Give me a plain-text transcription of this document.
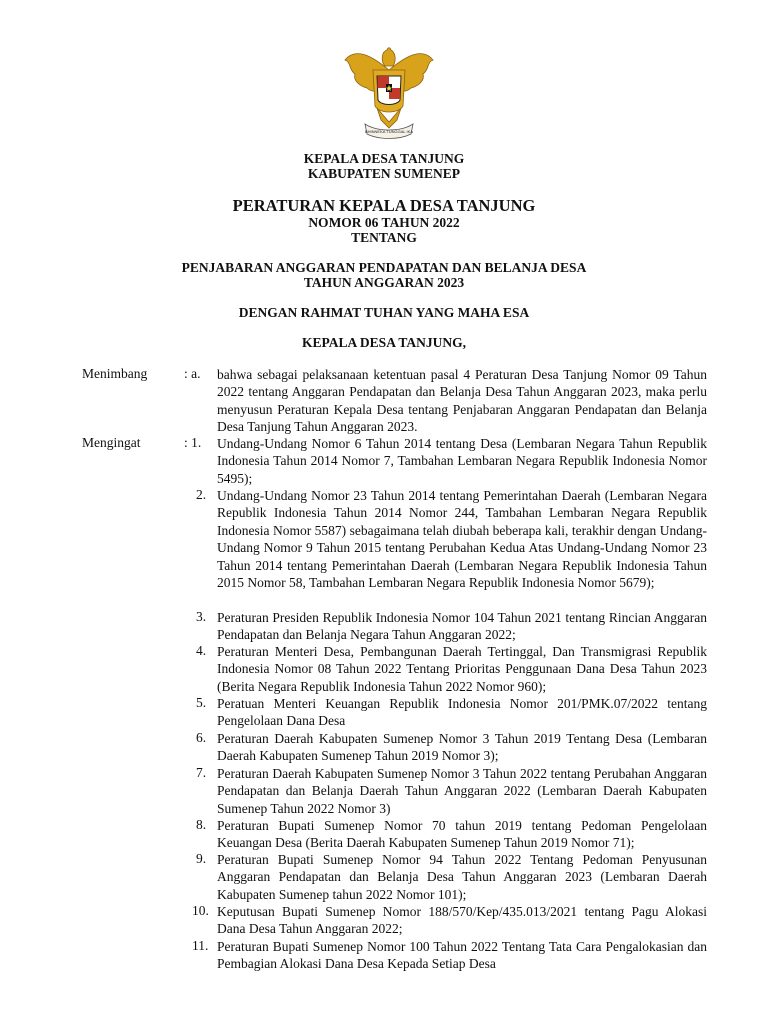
BHINNEKA TUNGGAL IKA
KEPALA DESA TANJUNG
KABUPATEN SUMENEP
PERATURAN KEPALA DESA TANJUNG
NOMOR 06 TAHUN 2022
TENTANG
PENJABARAN ANGGARAN PENDAPATAN DAN BELANJA DESA
TAHUN ANGGARAN 2023
DENGAN RAHMAT TUHAN YANG MAHA ESA
KEPALA DESA TANJUNG,
Menimbang	: a. bahwa sebagai pelaksanaan ketentuan pasal 4 Peraturan Desa Tanjung Nomor 09 Tahun 2022 tentang Anggaran Pendapatan dan Belanja Desa Tahun Anggaran 2023, maka perlu menyusun Peraturan Kepala Desa tentang Penjabaran Anggaran Pendapatan dan Belanja Desa Tanjung Tahun Anggaran 2023.
Mengingat	: 1. Undang-Undang Nomor 6 Tahun 2014 tentang Desa (Lembaran Negara Tahun Republik Indonesia Tahun 2014 Nomor 7, Tambahan Lembaran Negara Republik Indonesia Nomor 5495);
2. Undang-Undang Nomor 23 Tahun 2014 tentang Pemerintahan Daerah (Lembaran Negara Republik Indonesia Tahun 2014 Nomor 244, Tambahan Lembaran Negara Republik Indonesia Nomor 5587) sebagaimana telah diubah beberapa kali, terakhir dengan Undang-Undang Nomor 9 Tahun 2015 tentang Perubahan Kedua Atas Undang-Undang Nomor 23 Tahun 2014 tentang Pemerintahan Daerah (Lembaran Negara Republik Indonesia Tahun 2015 Nomor 58, Tambahan Lembaran Negara Republik Indonesia Nomor 5679);
3. Peraturan Presiden Republik Indonesia Nomor 104 Tahun 2021 tentang Rincian Anggaran Pendapatan dan Belanja Negara Tahun Anggaran 2022;
4. Peraturan Menteri Desa, Pembangunan Daerah Tertinggal, Dan Transmigrasi Republik Indonesia Nomor 08 Tahun 2022 Tentang Prioritas Penggunaan Dana Desa Tahun 2023 (Berita Negara Republik Indonesia Tahun 2022 Nomor 960);
5. Peratuan Menteri Keuangan Republik Indonesia Nomor 201/PMK.07/2022 tentang Pengelolaan Dana Desa
6. Peraturan Daerah Kabupaten Sumenep Nomor 3 Tahun 2019 Tentang Desa (Lembaran Daerah Kabupaten Sumenep Tahun 2019 Nomor 3);
7. Peraturan Daerah Kabupaten Sumenep Nomor 3 Tahun 2022 tentang Perubahan Anggaran Pendapatan dan Belanja Daerah Tahun Anggaran 2022 (Lembaran Daerah Kabupaten Sumenep Tahun 2022 Nomor 3)
8. Peraturan Bupati Sumenep Nomor 70 tahun 2019 tentang Pedoman Pengelolaan Keuangan Desa (Berita Daerah Kabupaten Sumenep Tahun 2019 Nomor 71);
9. Peraturan Bupati Sumenep Nomor 94 Tahun 2022 Tentang Pedoman Penyusunan Anggaran Pendapatan dan Belanja Desa Tahun Anggaran 2023 (Lembaran Daerah Kabupaten Sumenep tahun 2022 Nomor 101);
10. Keputusan Bupati Sumenep Nomor 188/570/Kep/435.013/2021 tentang Pagu Alokasi Dana Desa Tahun Anggaran 2022;
11. Peraturan Bupati Sumenep Nomor 100 Tahun 2022 Tentang Tata Cara Pengalokasian dan Pembagian Alokasi Dana Desa Kepada Setiap Desa
